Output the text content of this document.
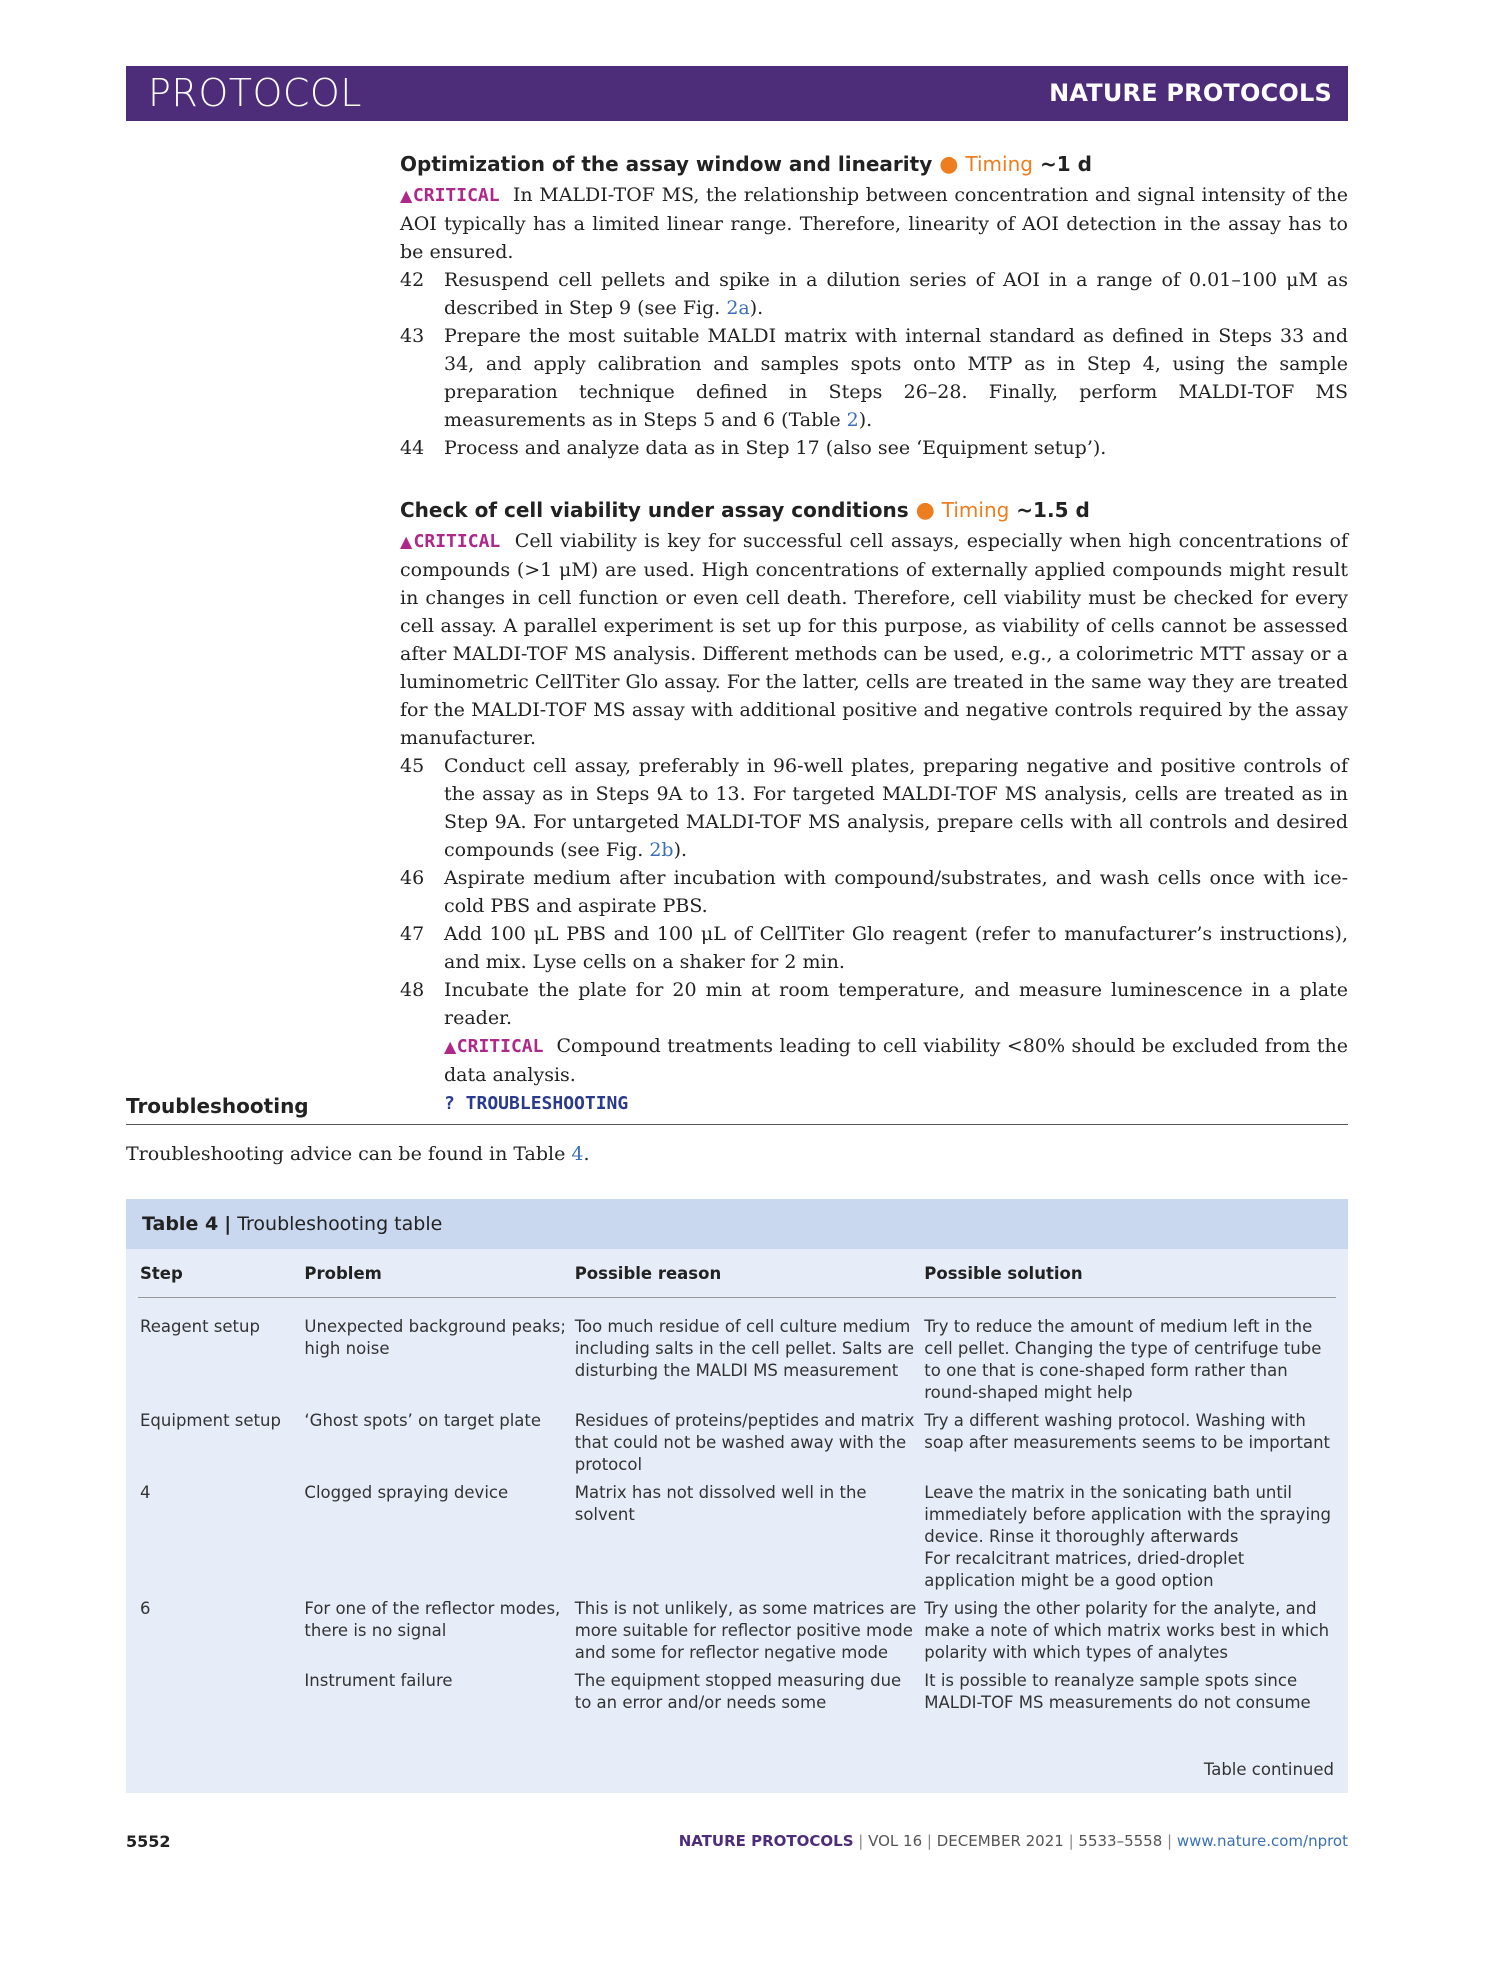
PROTOCOL	NATURE PROTOCOLS
Optimization of the assay window and linearity ● Timing ~1 d

▲CRITICAL In MALDI-TOF MS, the relationship between concentration and signal intensity of the AOI typically has a limited linear range. Therefore, linearity of AOI detection in the assay has to be ensured.

42 Resuspend cell pellets and spike in a dilution series of AOI in a range of 0.01–100 μM as described in Step 9 (see Fig. 2a).
43 Prepare the most suitable MALDI matrix with internal standard as defined in Steps 33 and 34, and apply calibration and samples spots onto MTP as in Step 4, using the sample preparation technique defined in Steps 26–28. Finally, perform MALDI-TOF MS measurements as in Steps 5 and 6 (Table 2).
44 Process and analyze data as in Step 17 (also see ‘Equipment setup’).
Check of cell viability under assay conditions ● Timing ~1.5 d

▲CRITICAL Cell viability is key for successful cell assays, especially when high concentrations of compounds (>1 μM) are used. High concentrations of externally applied compounds might result in changes in cell function or even cell death. Therefore, cell viability must be checked for every cell assay. A parallel experiment is set up for this purpose, as viability of cells cannot be assessed after MALDI-TOF MS analysis. Different methods can be used, e.g., a colorimetric MTT assay or a luminometric CellTiter Glo assay. For the latter, cells are treated in the same way they are treated for the MALDI-TOF MS assay with additional positive and negative controls required by the assay manufacturer.

45 Conduct cell assay, preferably in 96-well plates, preparing negative and positive controls of the assay as in Steps 9A to 13. For targeted MALDI-TOF MS analysis, cells are treated as in Step 9A. For untargeted MALDI-TOF MS analysis, prepare cells with all controls and desired compounds (see Fig. 2b).
46 Aspirate medium after incubation with compound/substrates, and wash cells once with ice-cold PBS and aspirate PBS.
47 Add 100 μL PBS and 100 μL of CellTiter Glo reagent (refer to manufacturer’s instructions), and mix. Lyse cells on a shaker for 2 min.
48 Incubate the plate for 20 min at room temperature, and measure luminescence in a plate reader.
▲CRITICAL Compound treatments leading to cell viability <80% should be excluded from the data analysis.
? TROUBLESHOOTING
Troubleshooting
Troubleshooting advice can be found in Table 4.
Table 4 | Troubleshooting table
Step	Problem	Possible reason	Possible solution
Reagent setup	Unexpected background peaks; high noise	Too much residue of cell culture medium including salts in the cell pellet. Salts are disturbing the MALDI MS measurement	Try to reduce the amount of medium left in the cell pellet. Changing the type of centrifuge tube to one that is cone-shaped form rather than round-shaped might help
Equipment setup	‘Ghost spots’ on target plate	Residues of proteins/peptides and matrix that could not be washed away with the protocol	Try a different washing protocol. Washing with soap after measurements seems to be important
4	Clogged spraying device	Matrix has not dissolved well in the solvent	Leave the matrix in the sonicating bath until immediately before application with the spraying device. Rinse it thoroughly afterwards
For recalcitrant matrices, dried-droplet application might be a good option
6	For one of the reflector modes, there is no signal	This is not unlikely, as some matrices are more suitable for reflector positive mode and some for reflector negative mode	Try using the other polarity for the analyte, and make a note of which matrix works best in which polarity with which types of analytes
	Instrument failure	The equipment stopped measuring due to an error and/or needs some	It is possible to reanalyze sample spots since MALDI-TOF MS measurements do not consume
Table continued
5552	NATURE PROTOCOLS | VOL 16 | DECEMBER 2021 | 5533–5558 | www.nature.com/nprot
